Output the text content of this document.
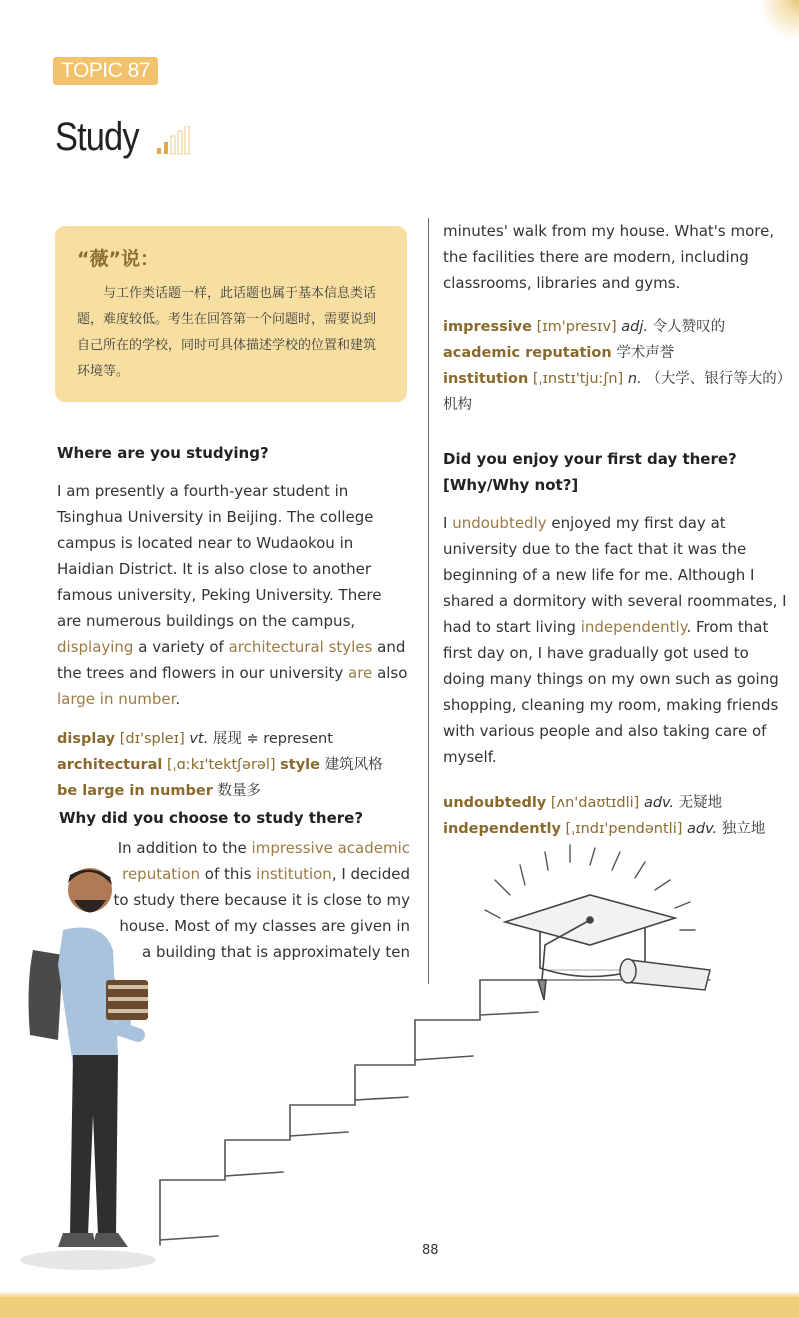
TOPIC 87
Study
“薇”说：

与工作类话题一样，此话题也属于基本信息类话题，难度较低。考生在回答第一个问题时，需要说到自己所在的学校，同时可具体描述学校的位置和建筑环境等。

Where are you studying?

I am presently a fourth-year student in Tsinghua University in Beijing. The college campus is located near to Wudaokou in Haidian District. It is also close to another famous university, Peking University. There are numerous buildings on the campus, displaying a variety of architectural styles and the trees and flowers in our university are also large in number.

display [dɪ'spleɪ] vt. 展现 ≑ represent
architectural [ˌɑːkɪ'tektʃərəl] style 建筑风格
be large in number 数量多

Why did you choose to study there?

In addition to the impressive academic
reputation of this institution, I decided
to study there because it is close to my
house. Most of my classes are given in
a building that is approximately ten

minutes' walk from my house. What's more, the facilities there are modern, including classrooms, libraries and gyms.

impressive [ɪm'presɪv] adj. 令人赞叹的
academic reputation 学术声誉
institution [ˌɪnstɪ'tjuːʃn] n. （大学、银行等大的）机构

Did you enjoy your first day there? [Why/Why not?]

I undoubtedly enjoyed my first day at university due to the fact that it was the beginning of a new life for me. Although I shared a dormitory with several roommates, I had to start living independently. From that first day on, I have gradually got used to doing many things on my own such as going shopping, cleaning my room, making friends with various people and also taking care of myself.

undoubtedly [ʌn'daʊtɪdli] adv. 无疑地
independently [ˌɪndɪ'pendəntli] adv. 独立地
88
